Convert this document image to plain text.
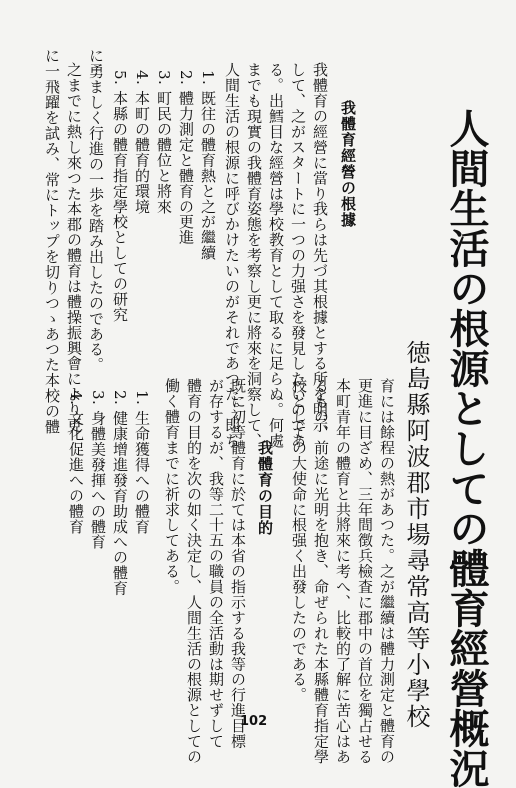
人間生活の根源としての體育經營概況
徳島縣阿波郡市場尋常高等小學校
育には餘程の熱があつた。之が繼續は體力測定と體育の
更進に目ざめ、三年間徴兵檢査に郡中の首位を獨占せる
本町青年の體育と共將來に考へ、比較的了解に苦心はあ
るもの、前途に光明を抱き、命ぜられた本縣體育指定學
校としての大使命に根强く出發したのである。
我體育の目的
既に初等體育に於ては本省の指示する我等の行進目標
が存するが、我等二十五の職員の全活動は期せずして
體育の目的を次の如く決定し、人間生活の根源としての
働く體育までに祈求してある。
1. 生命獲得への體育
2. 健康增進發育助成への體育
3. 身體美發揮への體育
4. 文化促進への體育
我體育經營の根據
我體育の經營に當り我らは先づ其根據とする所を明示
して、之がスタートに一つの力强さを發見したいのであ
る。出鱈目な經營は學校教育として取るに足らぬ。何處
までも現實の我體育姿態を考察し更に將來を洞察して、
人間生活の根源に呼びかけたいのがそれであつた。即ち
1. 既往の體育熱と之が繼續
2. 體力測定と體育の更進
3. 町民の體位と將來
4. 本町の體育的環境
5. 本縣の體育指定學校としての研究
に勇ましく行進の一歩を踏み出したのである。
之までに熱し來つた本郡の體育は體操振興會により更
に一飛躍を試み、常にトップを切りつゝあつた本校の體
102
